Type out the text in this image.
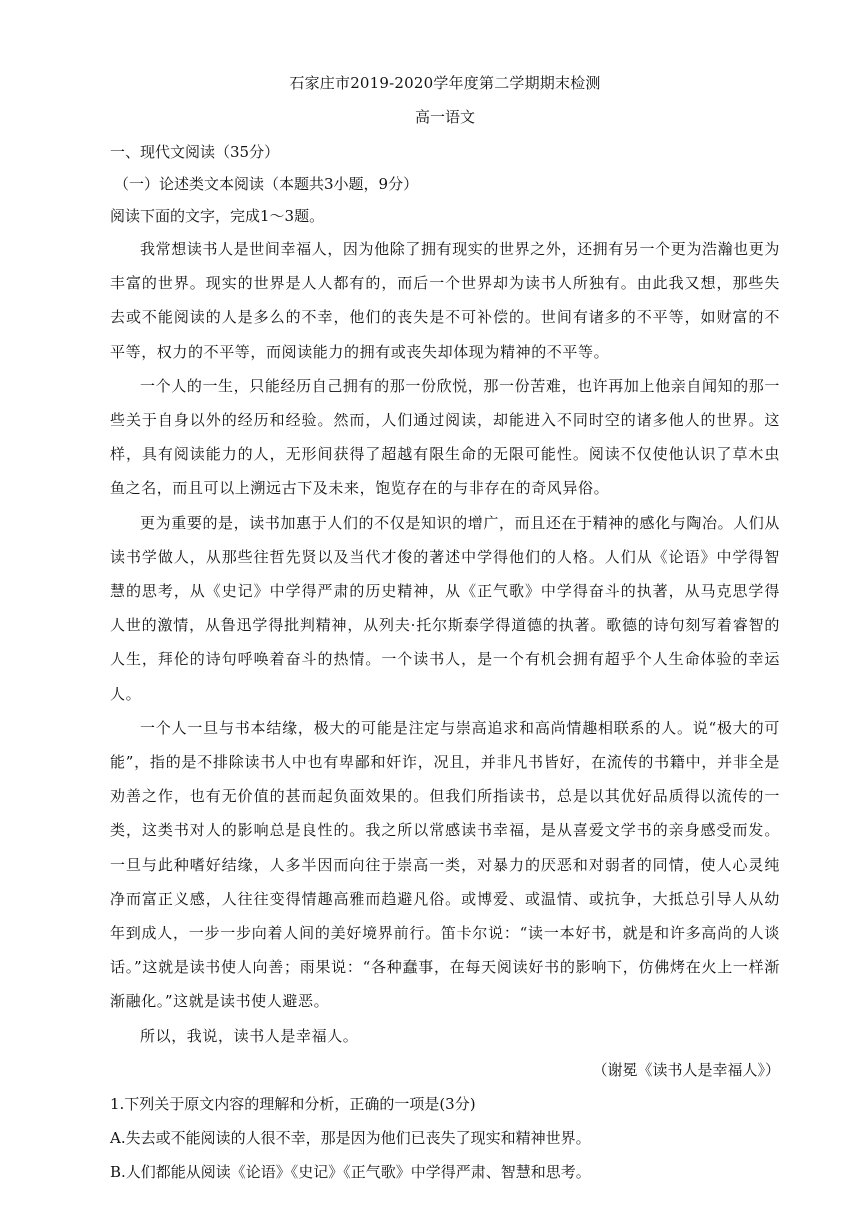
石家庄市2019-2020学年度第二学期期末检测

高一语文

一、现代文阅读（35分）

（一）论述类文本阅读（本题共3小题，9分）

阅读下面的文字，完成1～3题。

我常想读书人是世间幸福人，因为他除了拥有现实的世界之外，还拥有另一个更为浩瀚也更为丰富的世界。现实的世界是人人都有的，而后一个世界却为读书人所独有。由此我又想，那些失去或不能阅读的人是多么的不幸，他们的丧失是不可补偿的。世间有诸多的不平等，如财富的不平等，权力的不平等，而阅读能力的拥有或丧失却体现为精神的不平等。

一个人的一生，只能经历自己拥有的那一份欣悦，那一份苦难，也许再加上他亲自闻知的那一些关于自身以外的经历和经验。然而，人们通过阅读，却能进入不同时空的诸多他人的世界。这样，具有阅读能力的人，无形间获得了超越有限生命的无限可能性。阅读不仅使他认识了草木虫鱼之名，而且可以上溯远古下及未来，饱览存在的与非存在的奇风异俗。

更为重要的是，读书加惠于人们的不仅是知识的增广，而且还在于精神的感化与陶冶。人们从读书学做人，从那些往哲先贤以及当代才俊的著述中学得他们的人格。人们从《论语》中学得智慧的思考，从《史记》中学得严肃的历史精神，从《正气歌》中学得奋斗的执著，从马克思学得人世的激情，从鲁迅学得批判精神，从列夫·托尔斯泰学得道德的执著。歌德的诗句刻写着睿智的人生，拜伦的诗句呼唤着奋斗的热情。一个读书人，是一个有机会拥有超乎个人生命体验的幸运人。

一个人一旦与书本结缘，极大的可能是注定与崇高追求和高尚情趣相联系的人。说“极大的可能”，指的是不排除读书人中也有卑鄙和奸诈，况且，并非凡书皆好，在流传的书籍中，并非全是劝善之作，也有无价值的甚而起负面效果的。但我们所指读书，总是以其优好品质得以流传的一类，这类书对人的影响总是良性的。我之所以常感读书幸福，是从喜爱文学书的亲身感受而发。一旦与此种嗜好结缘，人多半因而向往于崇高一类，对暴力的厌恶和对弱者的同情，使人心灵纯净而富正义感，人往往变得情趣高雅而趋避凡俗。或博爱、或温情、或抗争，大抵总引导人从幼年到成人，一步一步向着人间的美好境界前行。笛卡尔说：“读一本好书，就是和许多高尚的人谈话。”这就是读书使人向善；雨果说：“各种蠢事，在每天阅读好书的影响下，仿佛烤在火上一样渐渐融化。”这就是读书使人避恶。

所以，我说，读书人是幸福人。

（谢冕《读书人是幸福人》）

1.下列关于原文内容的理解和分析，正确的一项是(3分)

A.失去或不能阅读的人很不幸，那是因为他们已丧失了现实和精神世界。

B.人们都能从阅读《论语》《史记》《正气歌》中学得严肃、智慧和思考。
